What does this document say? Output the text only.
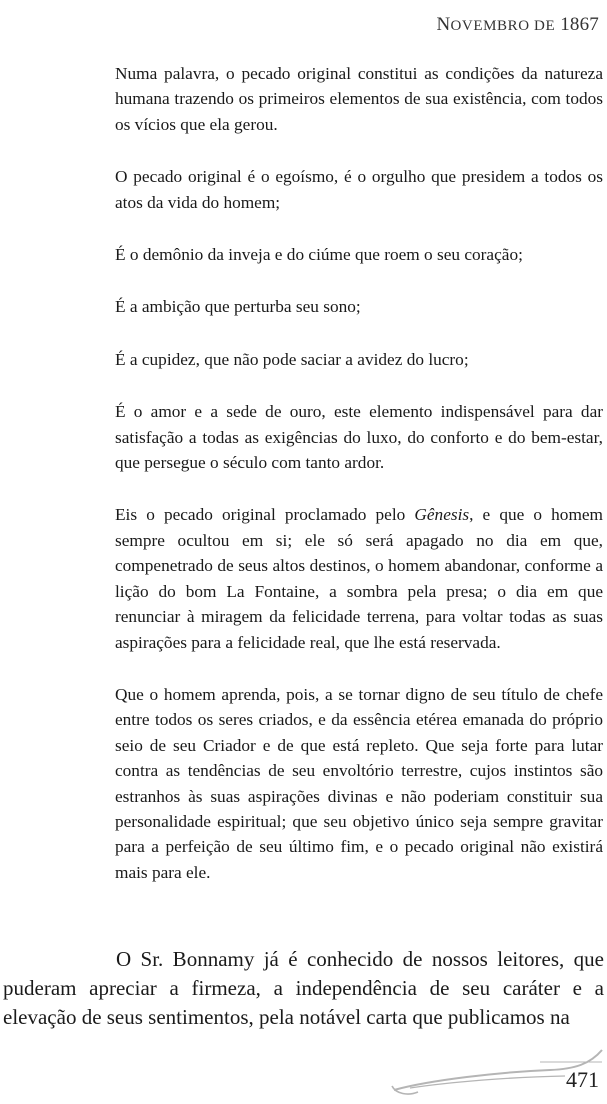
NOVEMBRO DE 1867

Numa palavra, o pecado original constitui as condições da natureza humana trazendo os primeiros elementos de sua existência, com todos os vícios que ela gerou.

O pecado original é o egoísmo, é o orgulho que presidem a todos os atos da vida do homem;

É o demônio da inveja e do ciúme que roem o seu coração;

É a ambição que perturba seu sono;

É a cupidez, que não pode saciar a avidez do lucro;

É o amor e a sede de ouro, este elemento indispensável para dar satisfação a todas as exigências do luxo, do conforto e do bem-estar, que persegue o século com tanto ardor.

Eis o pecado original proclamado pelo Gênesis, e que o homem sempre ocultou em si; ele só será apagado no dia em que, compenetrado de seus altos destinos, o homem abandonar, conforme a lição do bom La Fontaine, a sombra pela presa; o dia em que renunciar à miragem da felicidade terrena, para voltar todas as suas aspirações para a felicidade real, que lhe está reservada.

Que o homem aprenda, pois, a se tornar digno de seu título de chefe entre todos os seres criados, e da essência etérea emanada do próprio seio de seu Criador e de que está repleto. Que seja forte para lutar contra as tendências de seu envoltório terrestre, cujos instintos são estranhos às suas aspirações divinas e não poderiam constituir sua personalidade espiritual; que seu objetivo único seja sempre gravitar para a perfeição de seu último fim, e o pecado original não existirá mais para ele.

O Sr. Bonnamy já é conhecido de nossos leitores, que puderam apreciar a firmeza, a independência de seu caráter e a elevação de seus sentimentos, pela notável carta que publicamos na

471
